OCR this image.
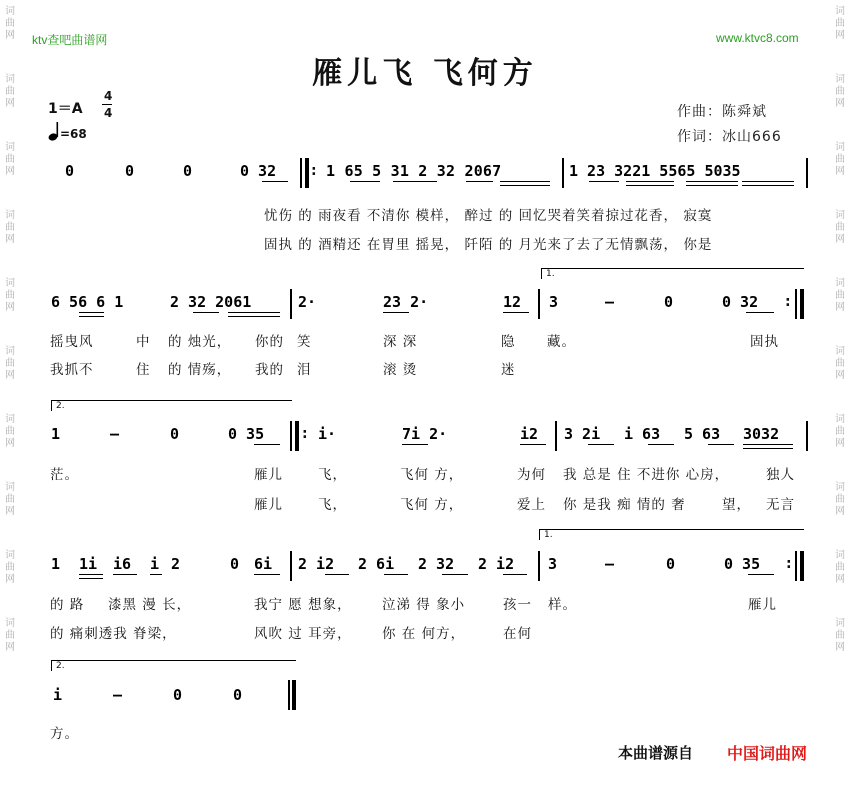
词
曲
网
词
曲
网
词
曲
网
词
曲
网
词
曲
网
词
曲
网
词
曲
网
词
曲
网
词
曲
网
词
曲
网
词
曲
网
词
曲
网
词
曲
网
词
曲
网
词
曲
网
词
曲
网
词
曲
网
词
曲
网
词
曲
网
词
曲
网
ktv查吧曲谱网	www.ktvc8.com
雁儿飞 飞何方
1＝A
4
4
=68
作曲：陈舜斌
作词：冰山666
0	0	0	0 32 : 1 65 5 31 2 32 2067	1 23 3221 5565 5035
忧伤 的 雨夜看 不清你 模样， 醉过 的 回忆哭着笑着掠过花香， 寂寞
固执 的 酒精还 在胃里 摇晃， 阡陌 的 月光来了去了无情飘荡， 你是
1.
6 56 6 1	2 32 2061	2·	23 2·	12 3	–	0	0 32 :
摇曳风	中 的 烛光， 你的 笑	深 深	隐 藏。	固执
我抓不	住 的 情殇， 我的 泪	滚 烫	迷
2.
1	–	0	0 35	: i·	7i 2·	i2 3 2i i 63 5 63 3032
茫。	雁儿	飞，	飞何 方，	为何 我 总是 住 不进你 心房，	独人
雁儿	飞，	飞何 方，	爱上 你 是我 痴 情的 奢	望， 无言
1.
1 1i i6 i 2	0 6i 2 i2 2 6i 2 32 2 i2 3	–	0	0 35 :
的 路 漆黑 漫 长，	我宁 愿 想象， 泣涕 得 象小	孩一 样。	雁儿
的 痛刺透我 脊梁，	风吹 过 耳旁， 你 在 何方，	在何
2.
i	–	0	0
方。
本曲谱源自 中国词曲网
